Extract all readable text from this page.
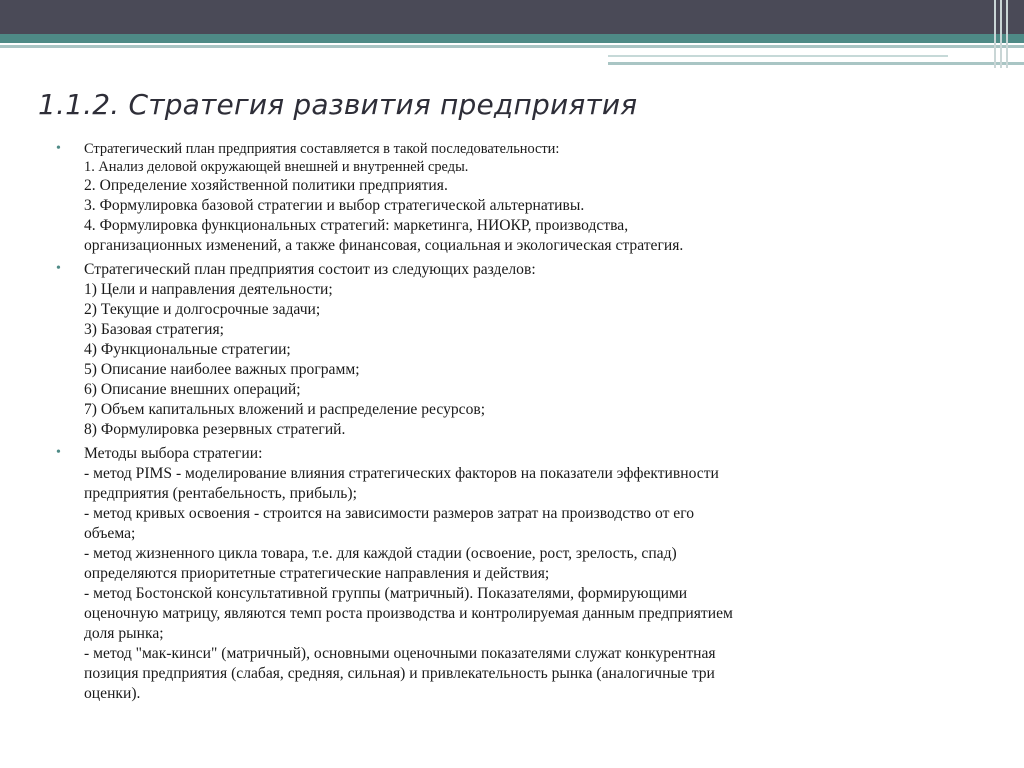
1.1.2. Стратегия развития предприятия
• Стратегический план предприятия составляется в такой последовательности:
1. Анализ деловой окружающей внешней и внутренней среды.
2. Определение хозяйственной политики предприятия.
3. Формулировка базовой стратегии и выбор стратегической альтернативы.
4. Формулировка функциональных стратегий: маркетинга, НИОКР, производства,
организационных изменений, а также финансовая, социальная и экологическая стратегия.
• Стратегический план предприятия состоит из следующих разделов:
1) Цели и направления деятельности;
2) Текущие и долгосрочные задачи;
3) Базовая стратегия;
4) Функциональные стратегии;
5) Описание наиболее важных программ;
6) Описание внешних операций;
7) Объем капитальных вложений и распределение ресурсов;
8) Формулировка резервных стратегий.
• Методы выбора стратегии:
- метод PIMS - моделирование влияния стратегических факторов на показатели эффективности
предприятия (рентабельность, прибыль);
- метод кривых освоения - строится на зависимости размеров затрат на производство от его
объема;
- метод жизненного цикла товара, т.е. для каждой стадии (освоение, рост, зрелость, спад)
определяются приоритетные стратегические направления и действия;
- метод Бостонской консультативной группы (матричный). Показателями, формирующими
оценочную матрицу, являются темп роста производства и контролируемая данным предприятием
доля рынка;
- метод "мак-кинси" (матричный), основными оценочными показателями служат конкурентная
позиция предприятия (слабая, средняя, сильная) и привлекательность рынка (аналогичные три
оценки).
